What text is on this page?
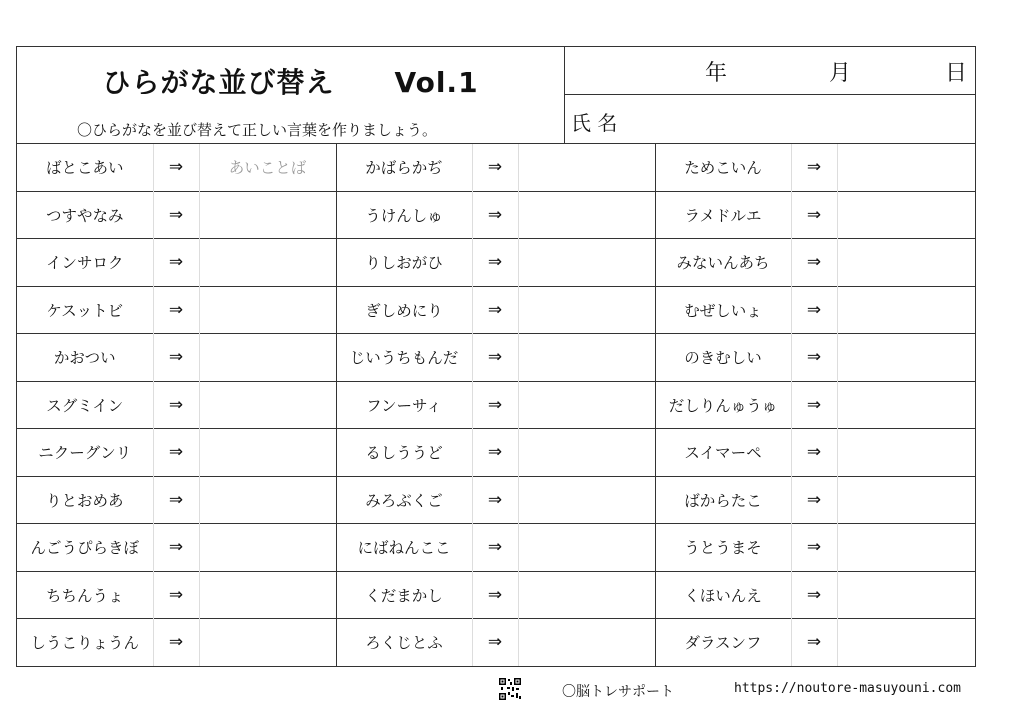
ひらがな並び替え Vol.1
〇ひらがなを並び替えて正しい言葉を作りましょう。
年	月	日
氏 名
ばとこあい	⇒	あいことば	かばらかぢ	⇒		ためこいん	⇒	
つすやなみ	⇒		うけんしゅ	⇒		ラメドルエ	⇒	
インサロク	⇒		りしおがひ	⇒		みないんあち	⇒	
ケスットビ	⇒		ぎしめにり	⇒		むぜしいょ	⇒	
かおつい	⇒		じいうちもんだ	⇒		のきむしい	⇒	
スグミイン	⇒		フンーサィ	⇒		だしりんゅうゅ	⇒	
ニクーグンリ	⇒		るしううど	⇒		スイマーペ	⇒	
りとおめあ	⇒		みろぶくご	⇒		ばからたこ	⇒	
んごうぴらきぼ	⇒		にばねんここ	⇒		うとうまそ	⇒	
ちちんうょ	⇒		くだまかし	⇒		くほいんえ	⇒	
しうこりょうん	⇒		ろくじとふ	⇒		ダラスンフ	⇒	
〇脳トレサポート	https://noutore-masuyouni.com
